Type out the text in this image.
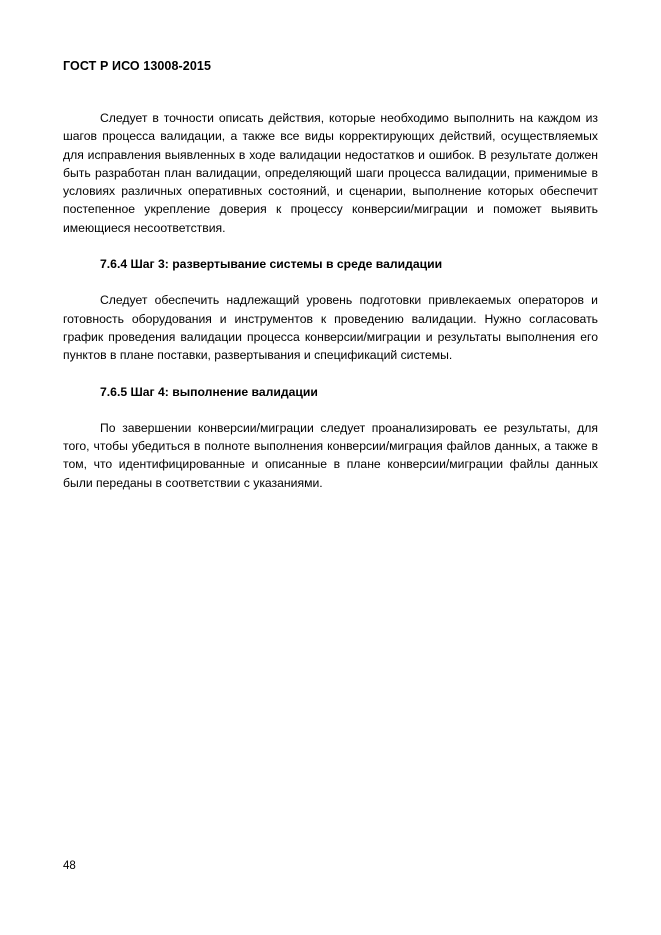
ГОСТ Р ИСО 13008-2015

Следует в точности описать действия, которые необходимо выполнить на каждом из шагов процесса валидации, а также все виды корректирующих действий, осуществляемых для исправления выявленных в ходе валидации недостатков и ошибок. В результате должен быть разработан план валидации, определяющий шаги процесса валидации, применимые в условиях различных оперативных состояний, и сценарии, выполнение которых обеспечит постепенное укрепление доверия к процессу конверсии/миграции и поможет выявить имеющиеся несоответствия.

7.6.4 Шаг 3: развертывание системы в среде валидации

Следует обеспечить надлежащий уровень подготовки привлекаемых операторов и готовность оборудования и инструментов к проведению валидации. Нужно согласовать график проведения валидации процесса конверсии/миграции и результаты выполнения его пунктов в плане поставки, развертывания и спецификаций системы.

7.6.5 Шаг 4: выполнение валидации

По завершении конверсии/миграции следует проанализировать ее результаты, для того, чтобы убедиться в полноте выполнения конверсии/миграция файлов данных, а также в том, что идентифицированные и описанные в плане конверсии/миграции файлы данных были переданы в соответствии с указаниями.

48
